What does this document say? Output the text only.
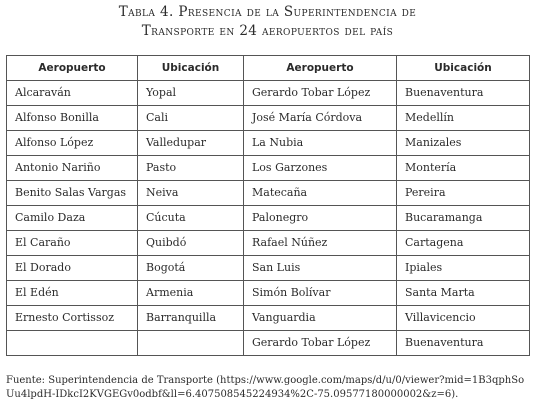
Tabla 4. Presencia de la Superintendencia de
Transporte en 24 aeropuertos del país
Aeropuerto	Ubicación	Aeropuerto	Ubicación
Alcaraván	Yopal	Gerardo Tobar López	Buenaventura
Alfonso Bonilla	Cali	José María Córdova	Medellín
Alfonso López	Valledupar	La Nubia	Manizales
Antonio Nariño	Pasto	Los Garzones	Montería
Benito Salas Vargas	Neiva	Matecaña	Pereira
Camilo Daza	Cúcuta	Palonegro	Bucaramanga
El Caraño	Quibdó	Rafael Núñez	Cartagena
El Dorado	Bogotá	San Luis	Ipiales
El Edén	Armenia	Simón Bolívar	Santa Marta
Ernesto Cortissoz	Barranquilla	Vanguardia	Villavicencio
		Gerardo Tobar López	Buenaventura
Fuente: Superintendencia de Transporte (https://www.google.com/maps/d/u/0/viewer?mid=1B3qphSoUu4lpdH-IDkcI2KVGEGv0odbf&ll=6.407508545224934%2C-75.09577180000002&z=6).
